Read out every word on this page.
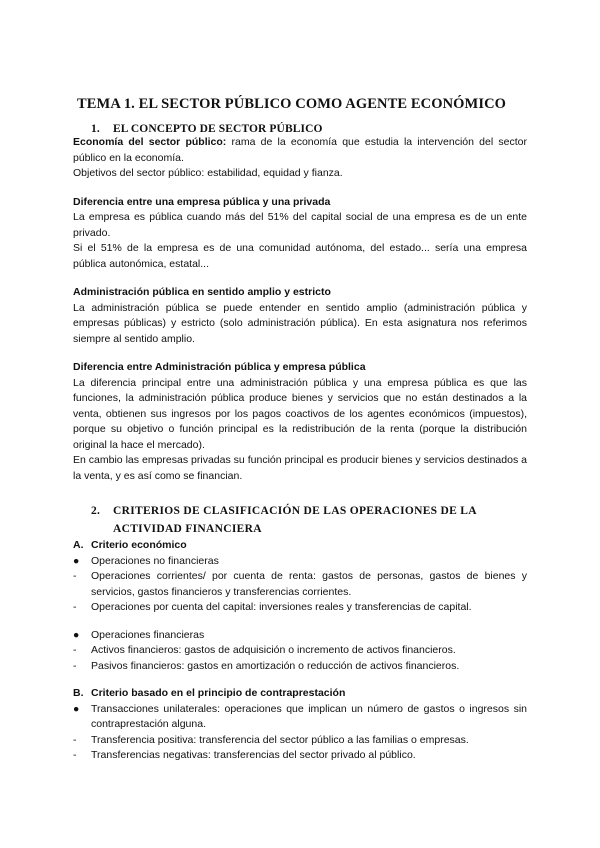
TEMA 1. EL SECTOR PÚBLICO COMO AGENTE ECONÓMICO
1. EL CONCEPTO DE SECTOR PÚBLICO

Economía del sector público: rama de la economía que estudia la intervención del sector público en la economía.

Objetivos del sector público: estabilidad, equidad y fianza.

Diferencia entre una empresa pública y una privada

La empresa es pública cuando más del 51% del capital social de una empresa es de un ente privado.

Si el 51% de la empresa es de una comunidad autónoma, del estado... sería una empresa pública autonómica, estatal...

Administración pública en sentido amplio y estricto

La administración pública se puede entender en sentido amplio (administración pública y empresas públicas) y estricto (solo administración pública). En esta asignatura nos referimos siempre al sentido amplio.

Diferencia entre Administración pública y empresa pública

La diferencia principal entre una administración pública y una empresa pública es que las funciones, la administración pública produce bienes y servicios que no están destinados a la venta, obtienen sus ingresos por los pagos coactivos de los agentes económicos (impuestos), porque su objetivo o función principal es la redistribución de la renta (porque la distribución original la hace el mercado).

En cambio las empresas privadas su función principal es producir bienes y servicios destinados a la venta, y es así como se financian.

2. CRITERIOS DE CLASIFICACIÓN DE LAS OPERACIONES DE LA
ACTIVIDAD FINANCIERA
A. Criterio económico
●	Operaciones no financieras
-	Operaciones corrientes/ por cuenta de renta: gastos de personas, gastos de bienes y servicios, gastos financieros y transferencias corrientes.
-	Operaciones por cuenta del capital: inversiones reales y transferencias de capital.
●	Operaciones financieras
-	Activos financieros: gastos de adquisición o incremento de activos financieros.
-	Pasivos financieros: gastos en amortización o reducción de activos financieros.
B. Criterio basado en el principio de contraprestación
●	Transacciones unilaterales: operaciones que implican un número de gastos o ingresos sin contraprestación alguna.
-	Transferencia positiva: transferencia del sector público a las familias o empresas.
-	Transferencias negativas: transferencias del sector privado al público.
